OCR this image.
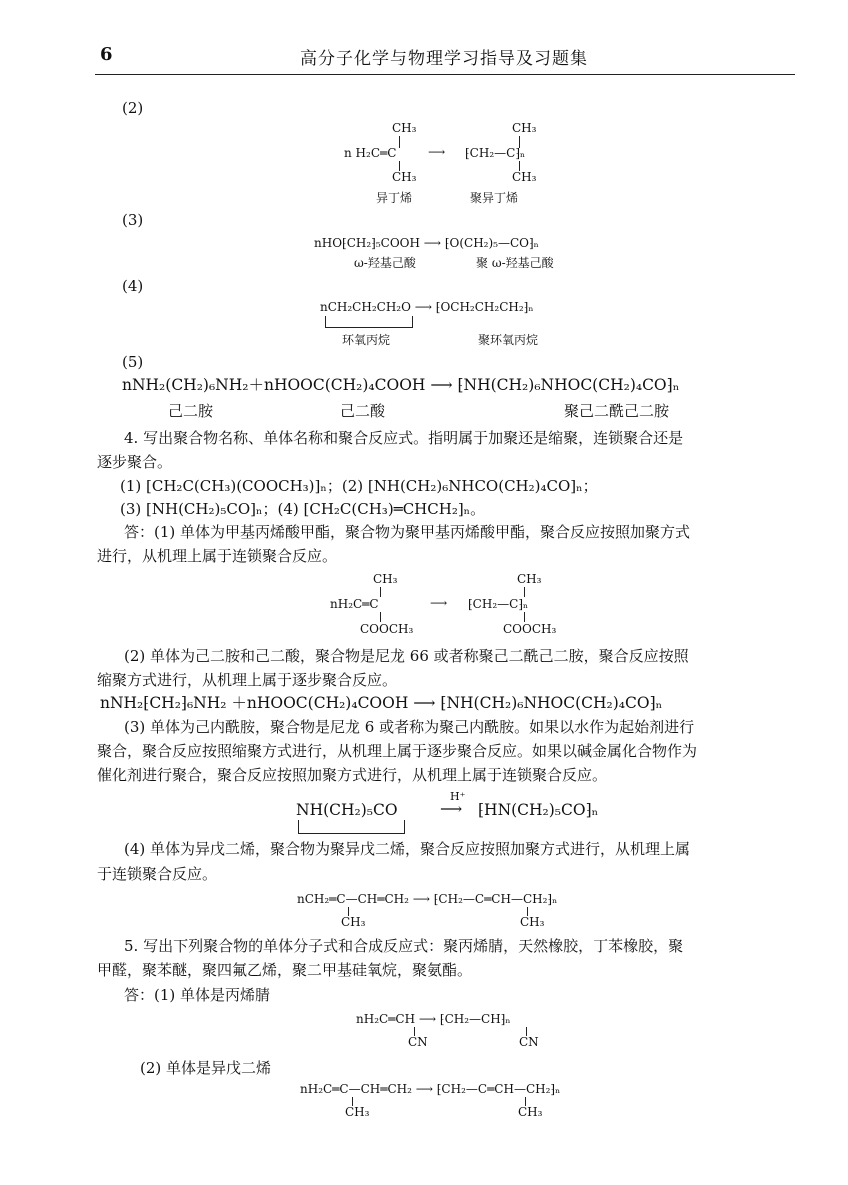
6	高分子化学与物理学习指导及习题集
(2)
CH₃	CH₃
n H₂C═C	⟶ ⁅CH₂—C⁆ₙ
CH₃	CH₃
异丁烯	聚异丁烯
(3)
nHO⁅CH₂⁆₅COOH ⟶ ⁅O(CH₂)₅—CO⁆ₙ
ω-羟基己酸	聚 ω-羟基己酸
(4)
nCH₂CH₂CH₂O ⟶ ⁅OCH₂CH₂CH₂⁆ₙ
环氧丙烷	聚环氧丙烷
(5)
nNH₂(CH₂)₆NH₂＋nHOOC(CH₂)₄COOH ⟶ ⁅NH(CH₂)₆NHOC(CH₂)₄CO⁆ₙ
己二胺	己二酸	聚己二酰己二胺
4. 写出聚合物名称、单体名称和聚合反应式。指明属于加聚还是缩聚，连锁聚合还是
逐步聚合。
(1) [CH₂C(CH₃)(COOCH₃)]ₙ；(2) [NH(CH₂)₆NHCO(CH₂)₄CO]ₙ；
(3) [NH(CH₂)₅CO]ₙ；(4) [CH₂C(CH₃)═CHCH₂]ₙ。
答：(1) 单体为甲基丙烯酸甲酯，聚合物为聚甲基丙烯酸甲酯，聚合反应按照加聚方式
进行，从机理上属于连锁聚合反应。
CH₃	CH₃
nH₂C═C	⟶ ⁅CH₂—C⁆ₙ
COOCH₃	COOCH₃
(2) 单体为己二胺和己二酸，聚合物是尼龙 66 或者称聚己二酰己二胺，聚合反应按照
缩聚方式进行，从机理上属于逐步聚合反应。
nNH₂⁅CH₂⁆₆NH₂ ＋nHOOC(CH₂)₄COOH ⟶ ⁅NH(CH₂)₆NHOC(CH₂)₄CO⁆ₙ
(3) 单体为己内酰胺，聚合物是尼龙 6 或者称为聚己内酰胺。如果以水作为起始剂进行
聚合，聚合反应按照缩聚方式进行，从机理上属于逐步聚合反应。如果以碱金属化合物作为
催化剂进行聚合，聚合反应按照加聚方式进行，从机理上属于连锁聚合反应。
NH(CH₂)₅CO
H⁺
⟶ ⁅HN(CH₂)₅CO⁆ₙ
(4) 单体为异戊二烯，聚合物为聚异戊二烯，聚合反应按照加聚方式进行，从机理上属
于连锁聚合反应。
nCH₂═C—CH═CH₂ ⟶ ⁅CH₂—C═CH—CH₂⁆ₙ
CH₃	CH₃
5. 写出下列聚合物的单体分子式和合成反应式：聚丙烯腈，天然橡胶，丁苯橡胶，聚
甲醛，聚苯醚，聚四氟乙烯，聚二甲基硅氧烷，聚氨酯。
答：(1) 单体是丙烯腈
nH₂C═CH ⟶ ⁅CH₂—CH⁆ₙ
CN	CN
(2) 单体是异戊二烯
nH₂C═C—CH═CH₂ ⟶ ⁅CH₂—C═CH—CH₂⁆ₙ
CH₃	CH₃
